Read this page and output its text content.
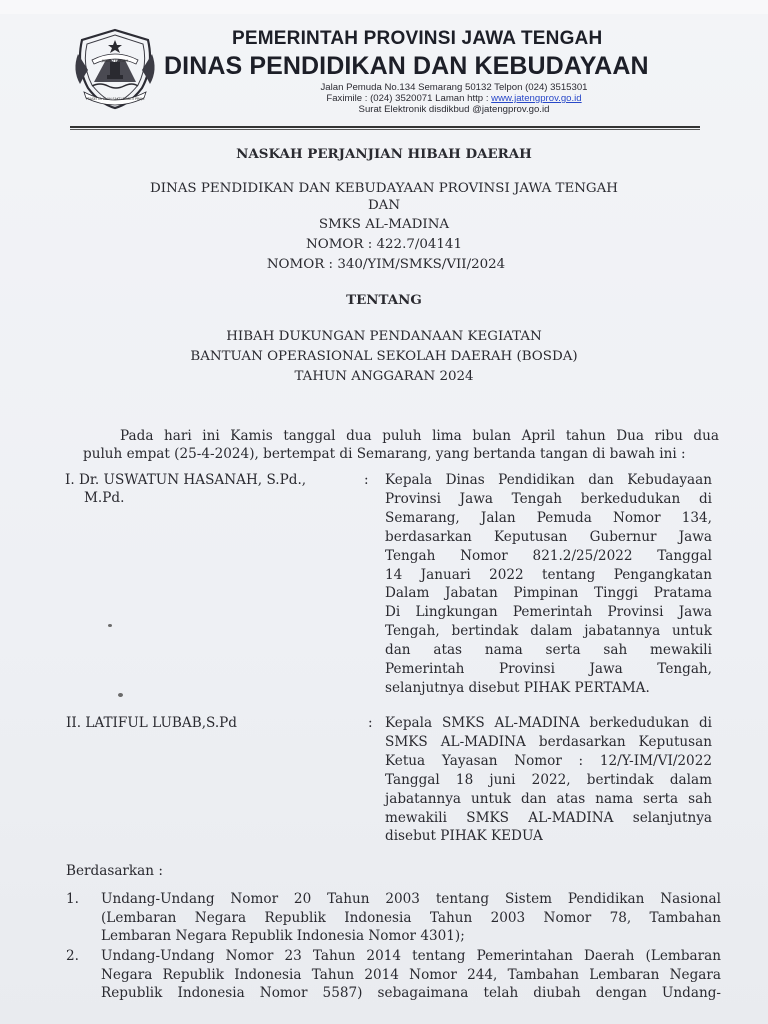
JAWA TENGAH
PRASETYA ULAH SAKTI BHAKTI PRAJA
PEMERINTAH PROVINSI JAWA TENGAH
DINAS PENDIDIKAN DAN KEBUDAYAAN
Jalan Pemuda No.134 Semarang 50132 Telpon (024) 3515301
Faximile : (024) 3520071 Laman http : www.jatengprov.go.id
Surat Elektronik disdikbud @jatengprov.go.id
NASKAH PERJANJIAN HIBAH DAERAH
DINAS PENDIDIKAN DAN KEBUDAYAAN PROVINSI JAWA TENGAH
DAN
SMKS AL-MADINA
NOMOR : 422.7/04141
NOMOR : 340/YIM/SMKS/VII/2024
TENTANG
HIBAH DUKUNGAN PENDANAAN KEGIATAN
BANTUAN OPERASIONAL SEKOLAH DAERAH (BOSDA)
TAHUN ANGGARAN 2024
Pada hari ini Kamis tanggal dua puluh lima bulan April tahun Dua ribu dua
puluh empat (25-4-2024), bertempat di Semarang, yang bertanda tangan di bawah ini :
I. Dr. USWATUN HASANAH, S.Pd.,
M.Pd.
: Kepala Dinas Pendidikan dan Kebudayaan
Provinsi Jawa Tengah berkedudukan di
Semarang, Jalan Pemuda Nomor 134,
berdasarkan Keputusan Gubernur Jawa
Tengah Nomor 821.2/25/2022 Tanggal
14 Januari 2022 tentang Pengangkatan
Dalam Jabatan Pimpinan Tinggi Pratama
Di Lingkungan Pemerintah Provinsi Jawa
Tengah, bertindak dalam jabatannya untuk
dan atas nama serta sah mewakili
Pemerintah Provinsi Jawa Tengah,
selanjutnya disebut PIHAK PERTAMA.
II. LATIFUL LUBAB,S.Pd	: Kepala SMKS AL-MADINA berkedudukan di
SMKS AL-MADINA berdasarkan Keputusan
Ketua Yayasan Nomor : 12/Y-IM/VI/2022
Tanggal 18 juni 2022, bertindak dalam
jabatannya untuk dan atas nama serta sah
mewakili SMKS AL-MADINA selanjutnya
disebut PIHAK KEDUA
Berdasarkan :
1. Undang-Undang Nomor 20 Tahun 2003 tentang Sistem Pendidikan Nasional
(Lembaran Negara Republik Indonesia Tahun 2003 Nomor 78, Tambahan
Lembaran Negara Republik Indonesia Nomor 4301);
2. Undang-Undang Nomor 23 Tahun 2014 tentang Pemerintahan Daerah (Lembaran
Negara Republik Indonesia Tahun 2014 Nomor 244, Tambahan Lembaran Negara
Republik Indonesia Nomor 5587) sebagaimana telah diubah dengan Undang-
